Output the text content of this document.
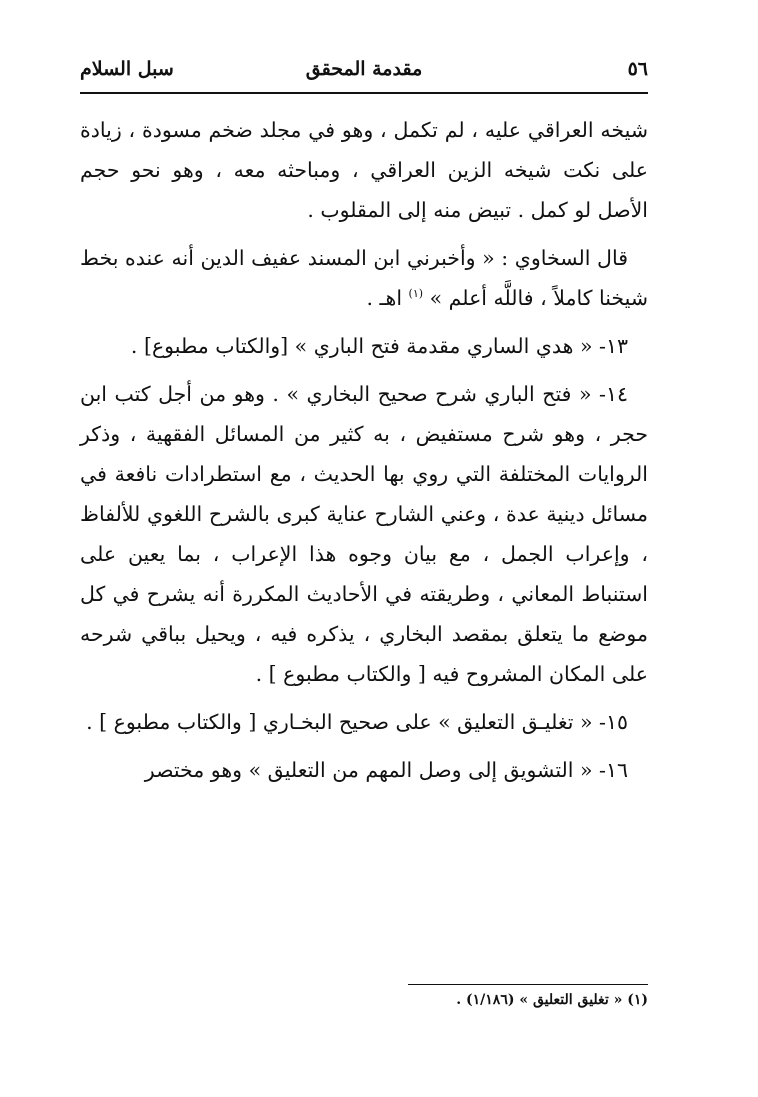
٥٦
مقدمة المحقق
سبل السلام

شيخه العراقي عليه ، لم تكمل ، وهو في مجلد ضخم مسودة ، زيادة على نكت شيخه الزين العراقي ، ومباحثه معه ، وهو نحو حجم الأصل لو كمل . تبيض منه إلى المقلوب .

قال السخاوي : « وأخبرني ابن المسند عفيف الدين أنه عنده بخط شيخنا كاملاً ، فاللَّه أعلم » $^{(١)}$ اهـ .

١٣- « هدي الساري مقدمة فتح الباري » [والكتاب مطبوع] .

١٤- « فتح الباري شرح صحيح البخاري » . وهو من أجل كتب ابن حجر ، وهو شرح مستفيض ، به كثير من المسائل الفقهية ، وذكر الروايات المختلفة التي روي بها الحديث ، مع استطرادات نافعة في مسائل دينية عدة ، وعني الشارح عناية كبرى بالشرح اللغوي للألفاظ ، وإعراب الجمل ، مع بيان وجوه هذا الإعراب ، بما يعين على استنباط المعاني ، وطريقته في الأحاديث المكررة أنه يشرح في كل موضع ما يتعلق بمقصد البخاري ، يذكره فيه ، ويحيل بباقي شرحه على المكان المشروح فيه [ والكتاب مطبوع ] .

١٥- « تغليـق التعليق » على صحيح البخـاري [ والكتاب مطبوع ] .

١٦- « التشويق إلى وصل المهم من التعليق » وهو مختصر

(١) « تغليق التعليق » (١/١٨٦) .
